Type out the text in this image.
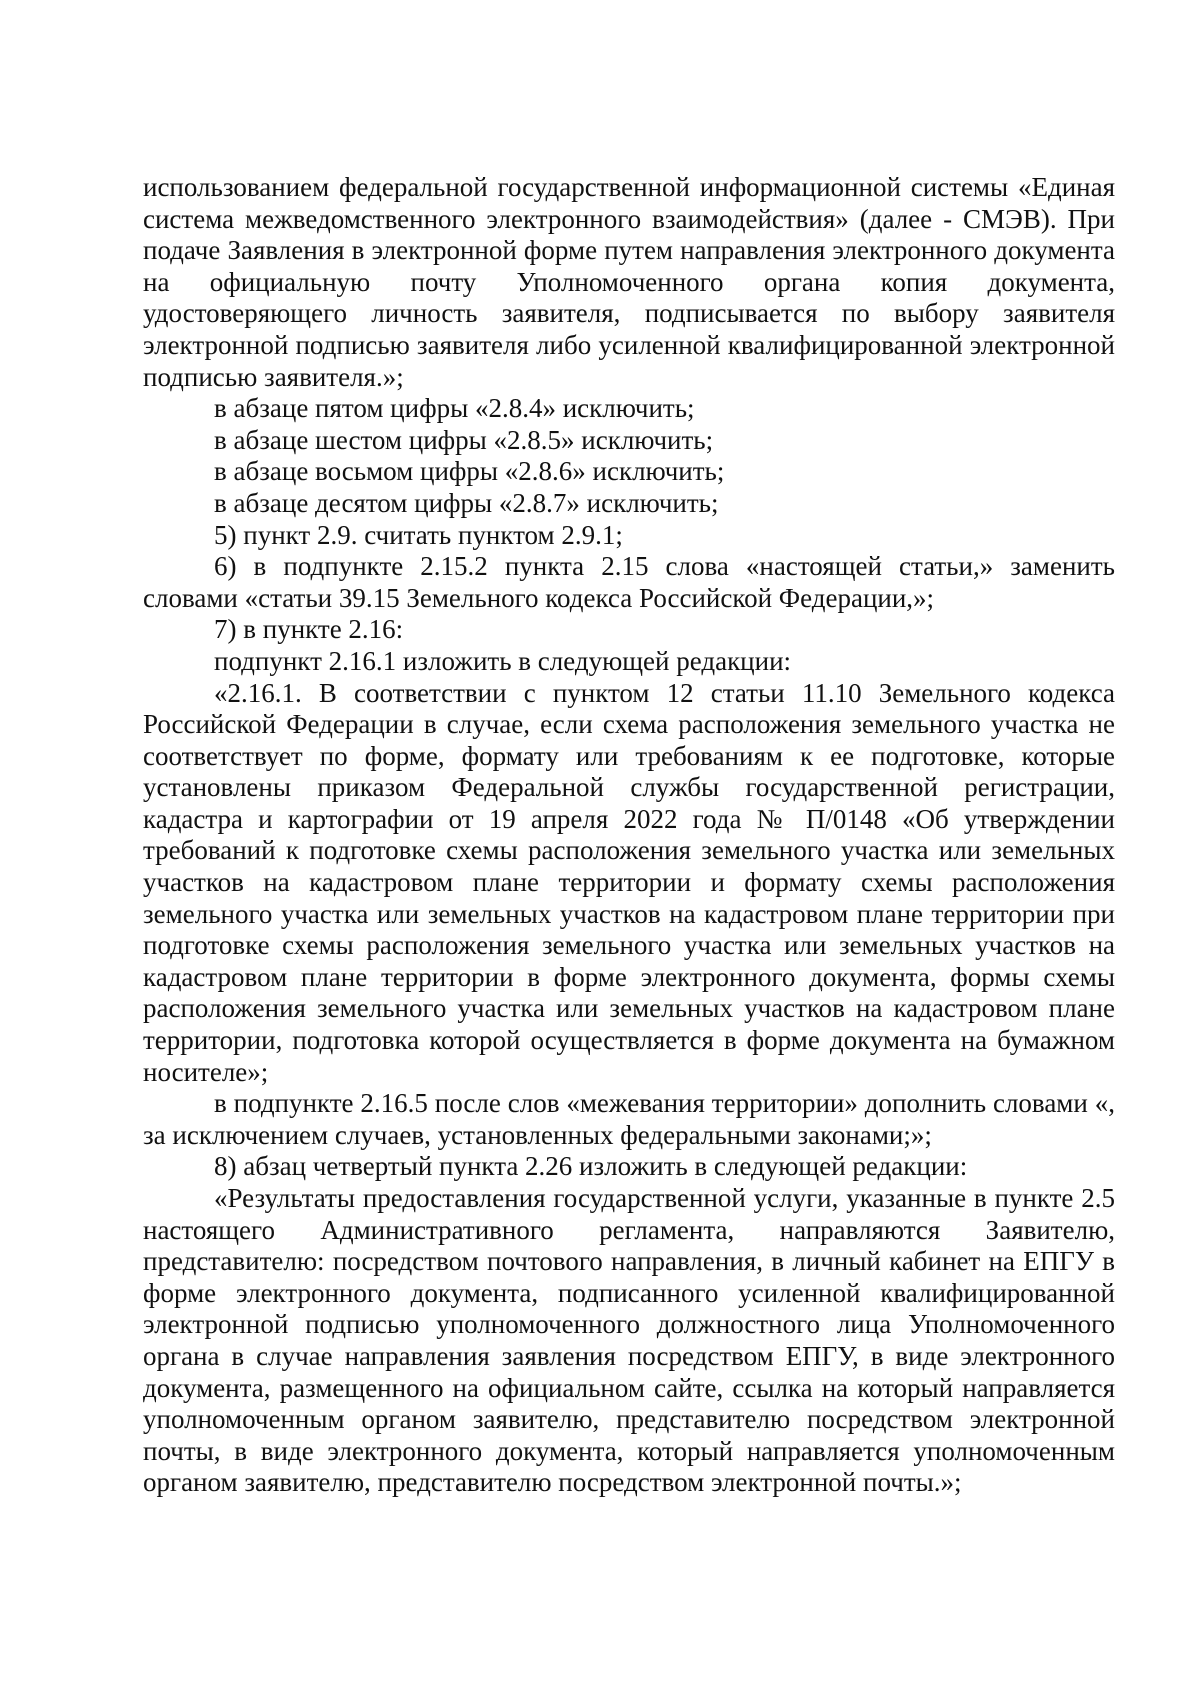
использованием федеральной государственной информационной системы «Единая система межведомственного электронного взаимодействия» (далее - СМЭВ). При подаче Заявления в электронной форме путем направления электронного документа на официальную почту Уполномоченного органа копия документа, удостоверяющего личность заявителя, подписывается по выбору заявителя электронной подписью заявителя либо усиленной квалифицированной электронной подписью заявителя.»;

в абзаце пятом цифры «2.8.4» исключить;

в абзаце шестом цифры «2.8.5» исключить;

в абзаце восьмом цифры «2.8.6» исключить;

в абзаце десятом цифры «2.8.7» исключить;

5) пункт 2.9. считать пунктом 2.9.1;

6) в подпункте 2.15.2 пункта 2.15 слова «настоящей статьи,» заменить словами «статьи 39.15 Земельного кодекса Российской Федерации,»;

7) в пункте 2.16:

подпункт 2.16.1 изложить в следующей редакции:

«2.16.1. В соответствии с пунктом 12 статьи 11.10 Земельного кодекса Российской Федерации в случае, если схема расположения земельного участка не соответствует по форме, формату или требованиям к ее подготовке, которые установлены приказом Федеральной службы государственной регистрации, кадастра и картографии от 19 апреля 2022 года № П/0148 «Об утверждении требований к подготовке схемы расположения земельного участка или земельных участков на кадастровом плане территории и формату схемы расположения земельного участка или земельных участков на кадастровом плане территории при подготовке схемы расположения земельного участка или земельных участков на кадастровом плане территории в форме электронного документа, формы схемы расположения земельного участка или земельных участков на кадастровом плане территории, подготовка которой осуществляется в форме документа на бумажном носителе»;

в подпункте 2.16.5 после слов «межевания территории» дополнить словами «, за исключением случаев, установленных федеральными законами;»;

8) абзац четвертый пункта 2.26 изложить в следующей редакции:

«Результаты предоставления государственной услуги, указанные в пункте 2.5 настоящего Административного регламента, направляются Заявителю, представителю: посредством почтового направления, в личный кабинет на ЕПГУ в форме электронного документа, подписанного усиленной квалифицированной электронной подписью уполномоченного должностного лица Уполномоченного органа в случае направления заявления посредством ЕПГУ, в виде электронного документа, размещенного на официальном сайте, ссылка на который направляется уполномоченным органом заявителю, представителю посредством электронной почты, в виде электронного документа, который направляется уполномоченным органом заявителю, представителю посредством электронной почты.»;
